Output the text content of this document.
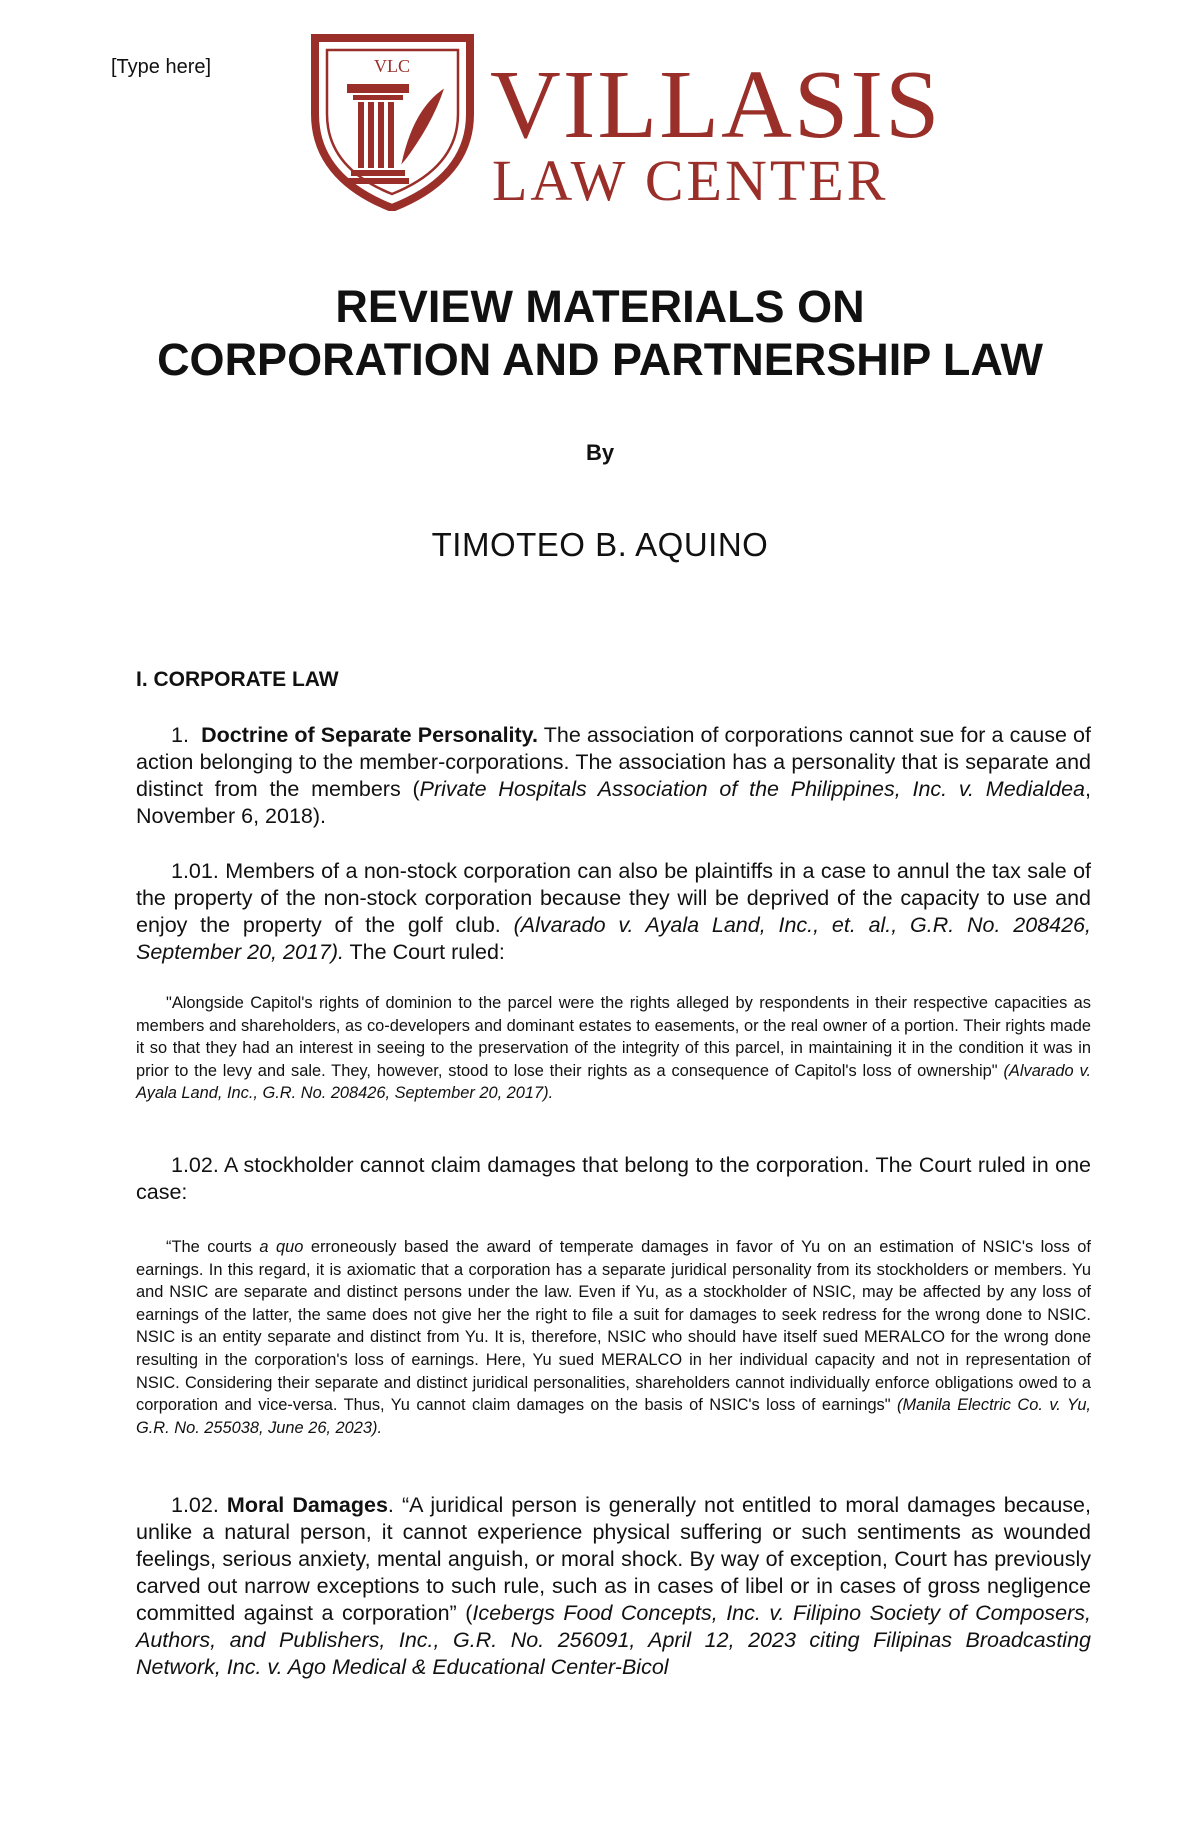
[Type here]	VLC VILLASIS
LAW CENTER
REVIEW MATERIALS ON
CORPORATION AND PARTNERSHIP LAW
By
TIMOTEO B. AQUINO
I. CORPORATE LAW

1. Doctrine of Separate Personality. The association of corporations cannot sue for a cause of action belonging to the member-corporations. The association has a personality that is separate and distinct from the members (Private Hospitals Association of the Philippines, Inc. v. Medialdea, November 6, 2018).

1.01. Members of a non-stock corporation can also be plaintiffs in a case to annul the tax sale of the property of the non-stock corporation because they will be deprived of the capacity to use and enjoy the property of the golf club. (Alvarado v. Ayala Land, Inc., et. al., G.R. No. 208426, September 20, 2017). The Court ruled:

"Alongside Capitol's rights of dominion to the parcel were the rights alleged by respondents in their respective capacities as members and shareholders, as co-developers and dominant estates to easements, or the real owner of a portion. Their rights made it so that they had an interest in seeing to the preservation of the integrity of this parcel, in maintaining it in the condition it was in prior to the levy and sale. They, however, stood to lose their rights as a consequence of Capitol's loss of ownership" (Alvarado v. Ayala Land, Inc., G.R. No. 208426, September 20, 2017).

1.02. A stockholder cannot claim damages that belong to the corporation. The Court ruled in one case:

“The courts a quo erroneously based the award of temperate damages in favor of Yu on an estimation of NSIC's loss of earnings. In this regard, it is axiomatic that a corporation has a separate juridical personality from its stockholders or members. Yu and NSIC are separate and distinct persons under the law. Even if Yu, as a stockholder of NSIC, may be affected by any loss of earnings of the latter, the same does not give her the right to file a suit for damages to seek redress for the wrong done to NSIC. NSIC is an entity separate and distinct from Yu. It is, therefore, NSIC who should have itself sued MERALCO for the wrong done resulting in the corporation's loss of earnings. Here, Yu sued MERALCO in her individual capacity and not in representation of NSIC. Considering their separate and distinct juridical personalities, shareholders cannot individually enforce obligations owed to a corporation and vice-versa. Thus, Yu cannot claim damages on the basis of NSIC's loss of earnings" (Manila Electric Co. v. Yu, G.R. No. 255038, June 26, 2023).

1.02. Moral Damages. “A juridical person is generally not entitled to moral damages because, unlike a natural person, it cannot experience physical suffering or such sentiments as wounded feelings, serious anxiety, mental anguish, or moral shock. By way of exception, Court has previously carved out narrow exceptions to such rule, such as in cases of libel or in cases of gross negligence committed against a corporation” (Icebergs Food Concepts, Inc. v. Filipino Society of Composers, Authors, and Publishers, Inc., G.R. No. 256091, April 12, 2023 citing Filipinas Broadcasting Network, Inc. v. Ago Medical & Educational Center-Bicol
